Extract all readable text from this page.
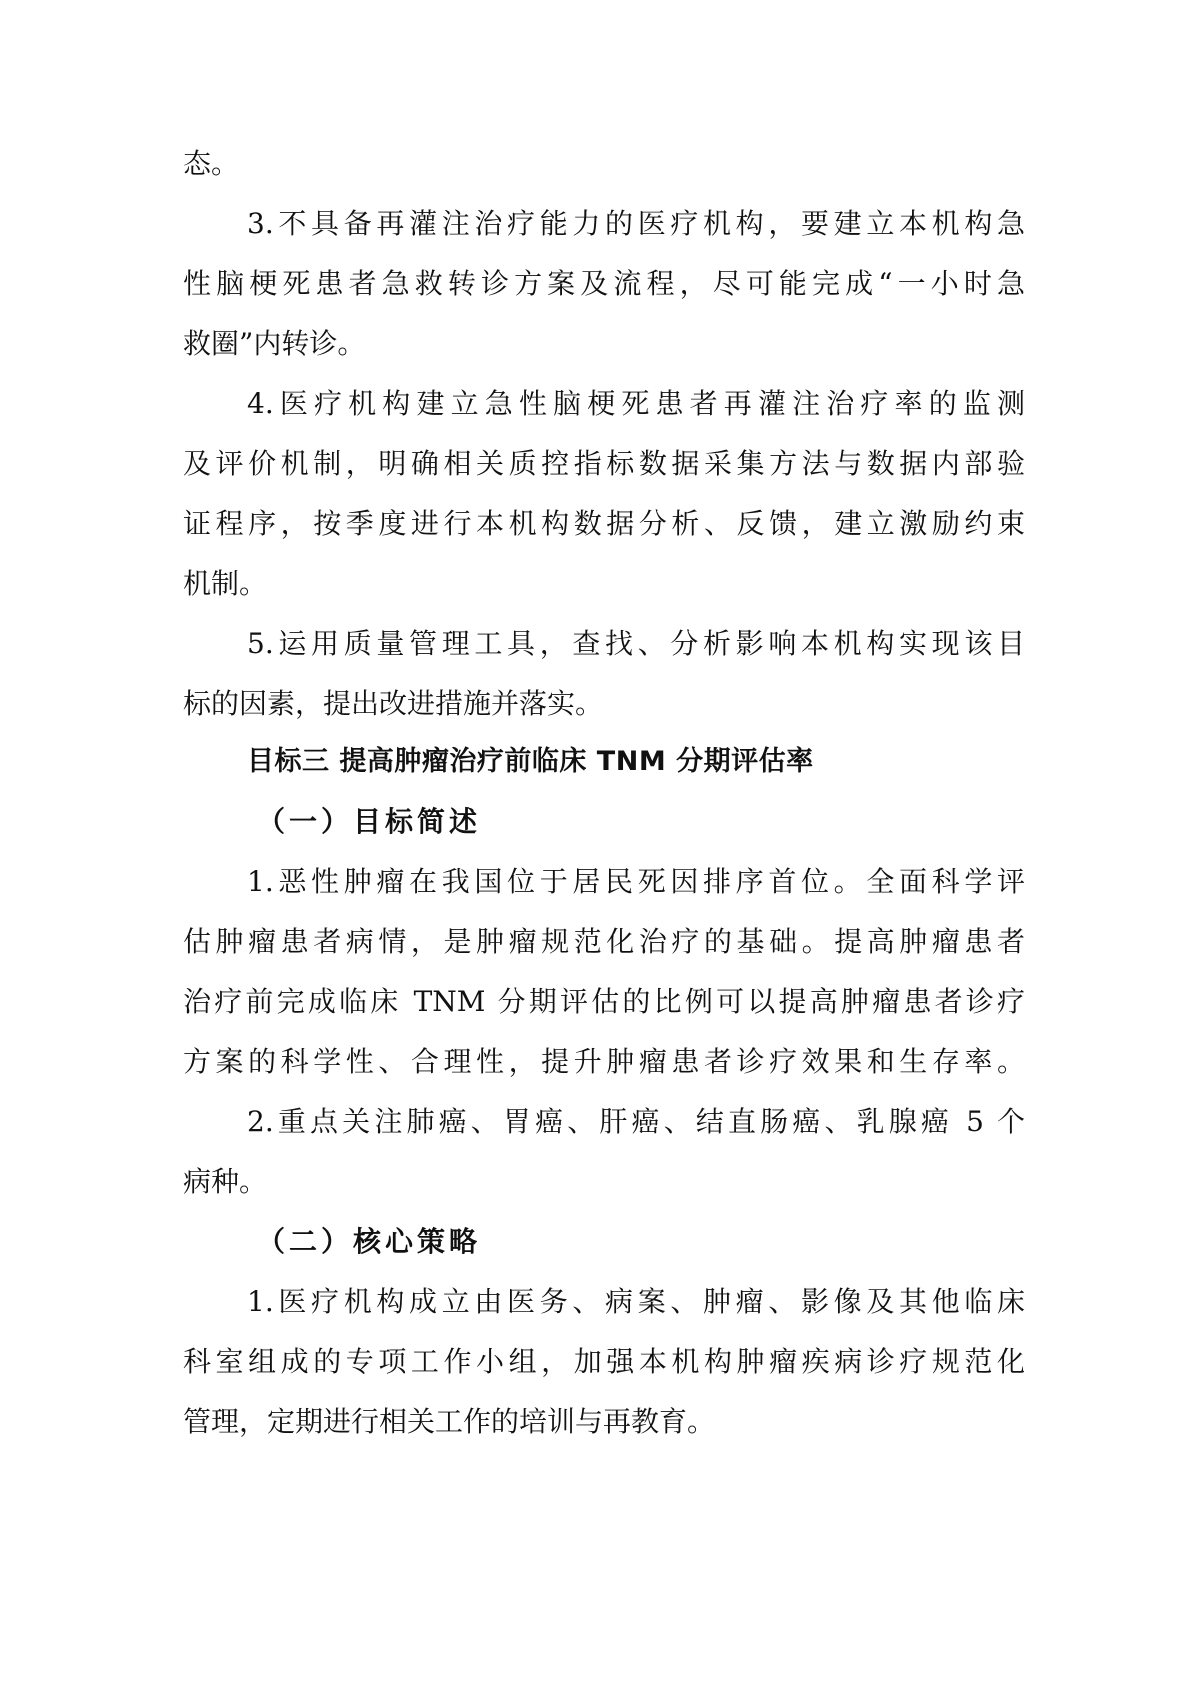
态。
3.不具备再灌注治疗能力的医疗机构，要建立本机构急
性脑梗死患者急救转诊方案及流程，尽可能完成“一小时急
救圈”内转诊。
4.医疗机构建立急性脑梗死患者再灌注治疗率的监测
及评价机制，明确相关质控指标数据采集方法与数据内部验
证程序，按季度进行本机构数据分析、反馈，建立激励约束
机制。
5.运用质量管理工具，查找、分析影响本机构实现该目
标的因素，提出改进措施并落实。
目标三 提高肿瘤治疗前临床 TNM 分期评估率
（一）目标简述
1.恶性肿瘤在我国位于居民死因排序首位。全面科学评
估肿瘤患者病情，是肿瘤规范化治疗的基础。提高肿瘤患者
治疗前完成临床 TNM 分期评估的比例可以提高肿瘤患者诊疗
方案的科学性、合理性，提升肿瘤患者诊疗效果和生存率。
2.重点关注肺癌、胃癌、肝癌、结直肠癌、乳腺癌 5 个
病种。
（二）核心策略
1.医疗机构成立由医务、病案、肿瘤、影像及其他临床
科室组成的专项工作小组，加强本机构肿瘤疾病诊疗规范化
管理，定期进行相关工作的培训与再教育。
